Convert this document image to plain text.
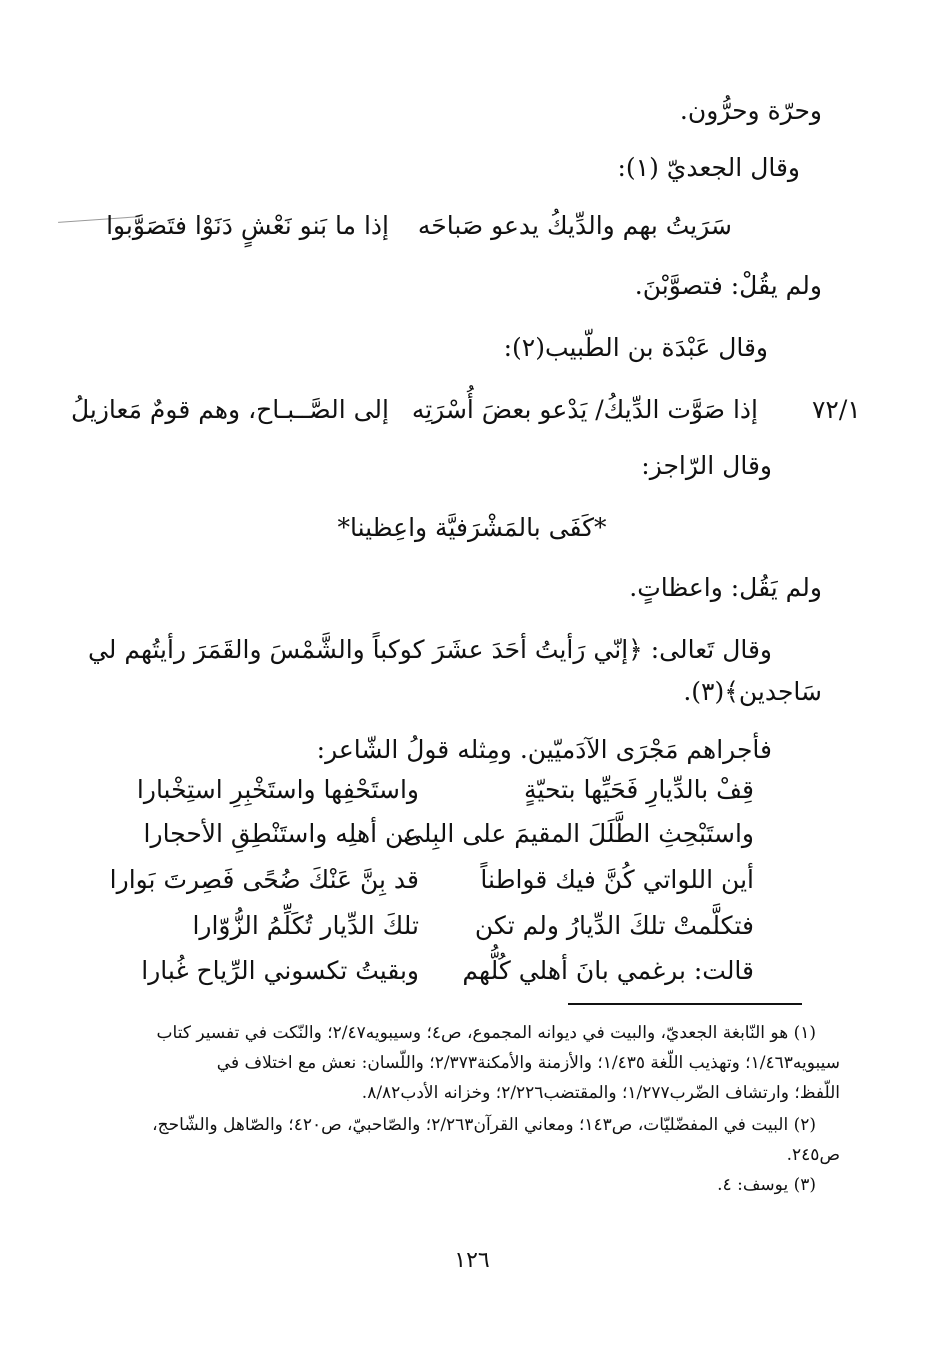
وحرّة وحرُّون.
وقال الجعديّ (١):
سَرَيتُ بهم والدِّيكُ يدعو صَباحَه
إذا ما بَنو نَعْشٍ دَنَوْا فتَصَوَّبوا
ولم يقُلْ: فتصوَّبْنَ.
وقال عَبْدَة بن الطّبيب(٢):
٧٢/١
إذا صَوَّت الدِّيكُ/ يَدْعو بعضَ أُسْرَتِه
إلى الصَّــبـاح، وهم قومٌ مَعازيلُ
وقال الرّاجز:
*كَفَى بالمَشْرَفيَّة واعِظينا*
ولم يَقُل: واعظاتٍ.
وقال تَعالى: ﴿إنّي رَأيتُ أحَدَ عشَرَ كوكباً والشَّمْسَ والقَمَرَ رأيتُهم لي
سَاجدين﴾(٣).
فأجراهم مَجْرَى الآدَميّين. ومِثله قولُ الشّاعر:
قِفْ بالدِّيارِ فَحَيِّها بتحيّةٍ
واستَحْفِها واستَخْبِرِ استِخْبارا
واستَبْحِثِ الطَّلَلَ المقيمَ على البِلى
عن أهلِه واستَنْطِقِ الأحجارا
أين اللواتي كُنَّ فيك قواطناً
قد بِنَّ عَنْكَ ضُحًى فَصِرتَ بَوارا
فتكلَّمتْ تلكَ الدِّيارُ ولم تكن
تلكَ الدِّيار تُكَلِّمُ الزُّوّارا
قالت: برغمي بانَ أهلي كُلُّهم
وبقيتُ تكسوني الرِّياح غُبارا
(١) هو النّابغة الجعديّ، والبيت في ديوانه المجموع، ص٤؛ وسيبويه٢/٤٧؛ والنّكت في تفسير كتاب
سيبويه١/٤٦٣؛ وتهذيب اللّغة ١/٤٣٥؛ والأزمنة والأمكنة٢/٣٧٣؛ واللّسان: نعش مع اختلاف في
اللّفظ؛ وارتشاف الضّرب١/٢٧٧؛ والمقتضب٢/٢٢٦؛ وخزانه الأدب٨/٨٢.
(٢) البيت في المفضّليّات، ص١٤٣؛ ومعاني القرآن٢/٢٦٣؛ والصّاحبيّ، ص٤٢٠؛ والصّاهل والشّاحج،
ص٢٤٥.
(٣) يوسف: ٤.
١٢٦
